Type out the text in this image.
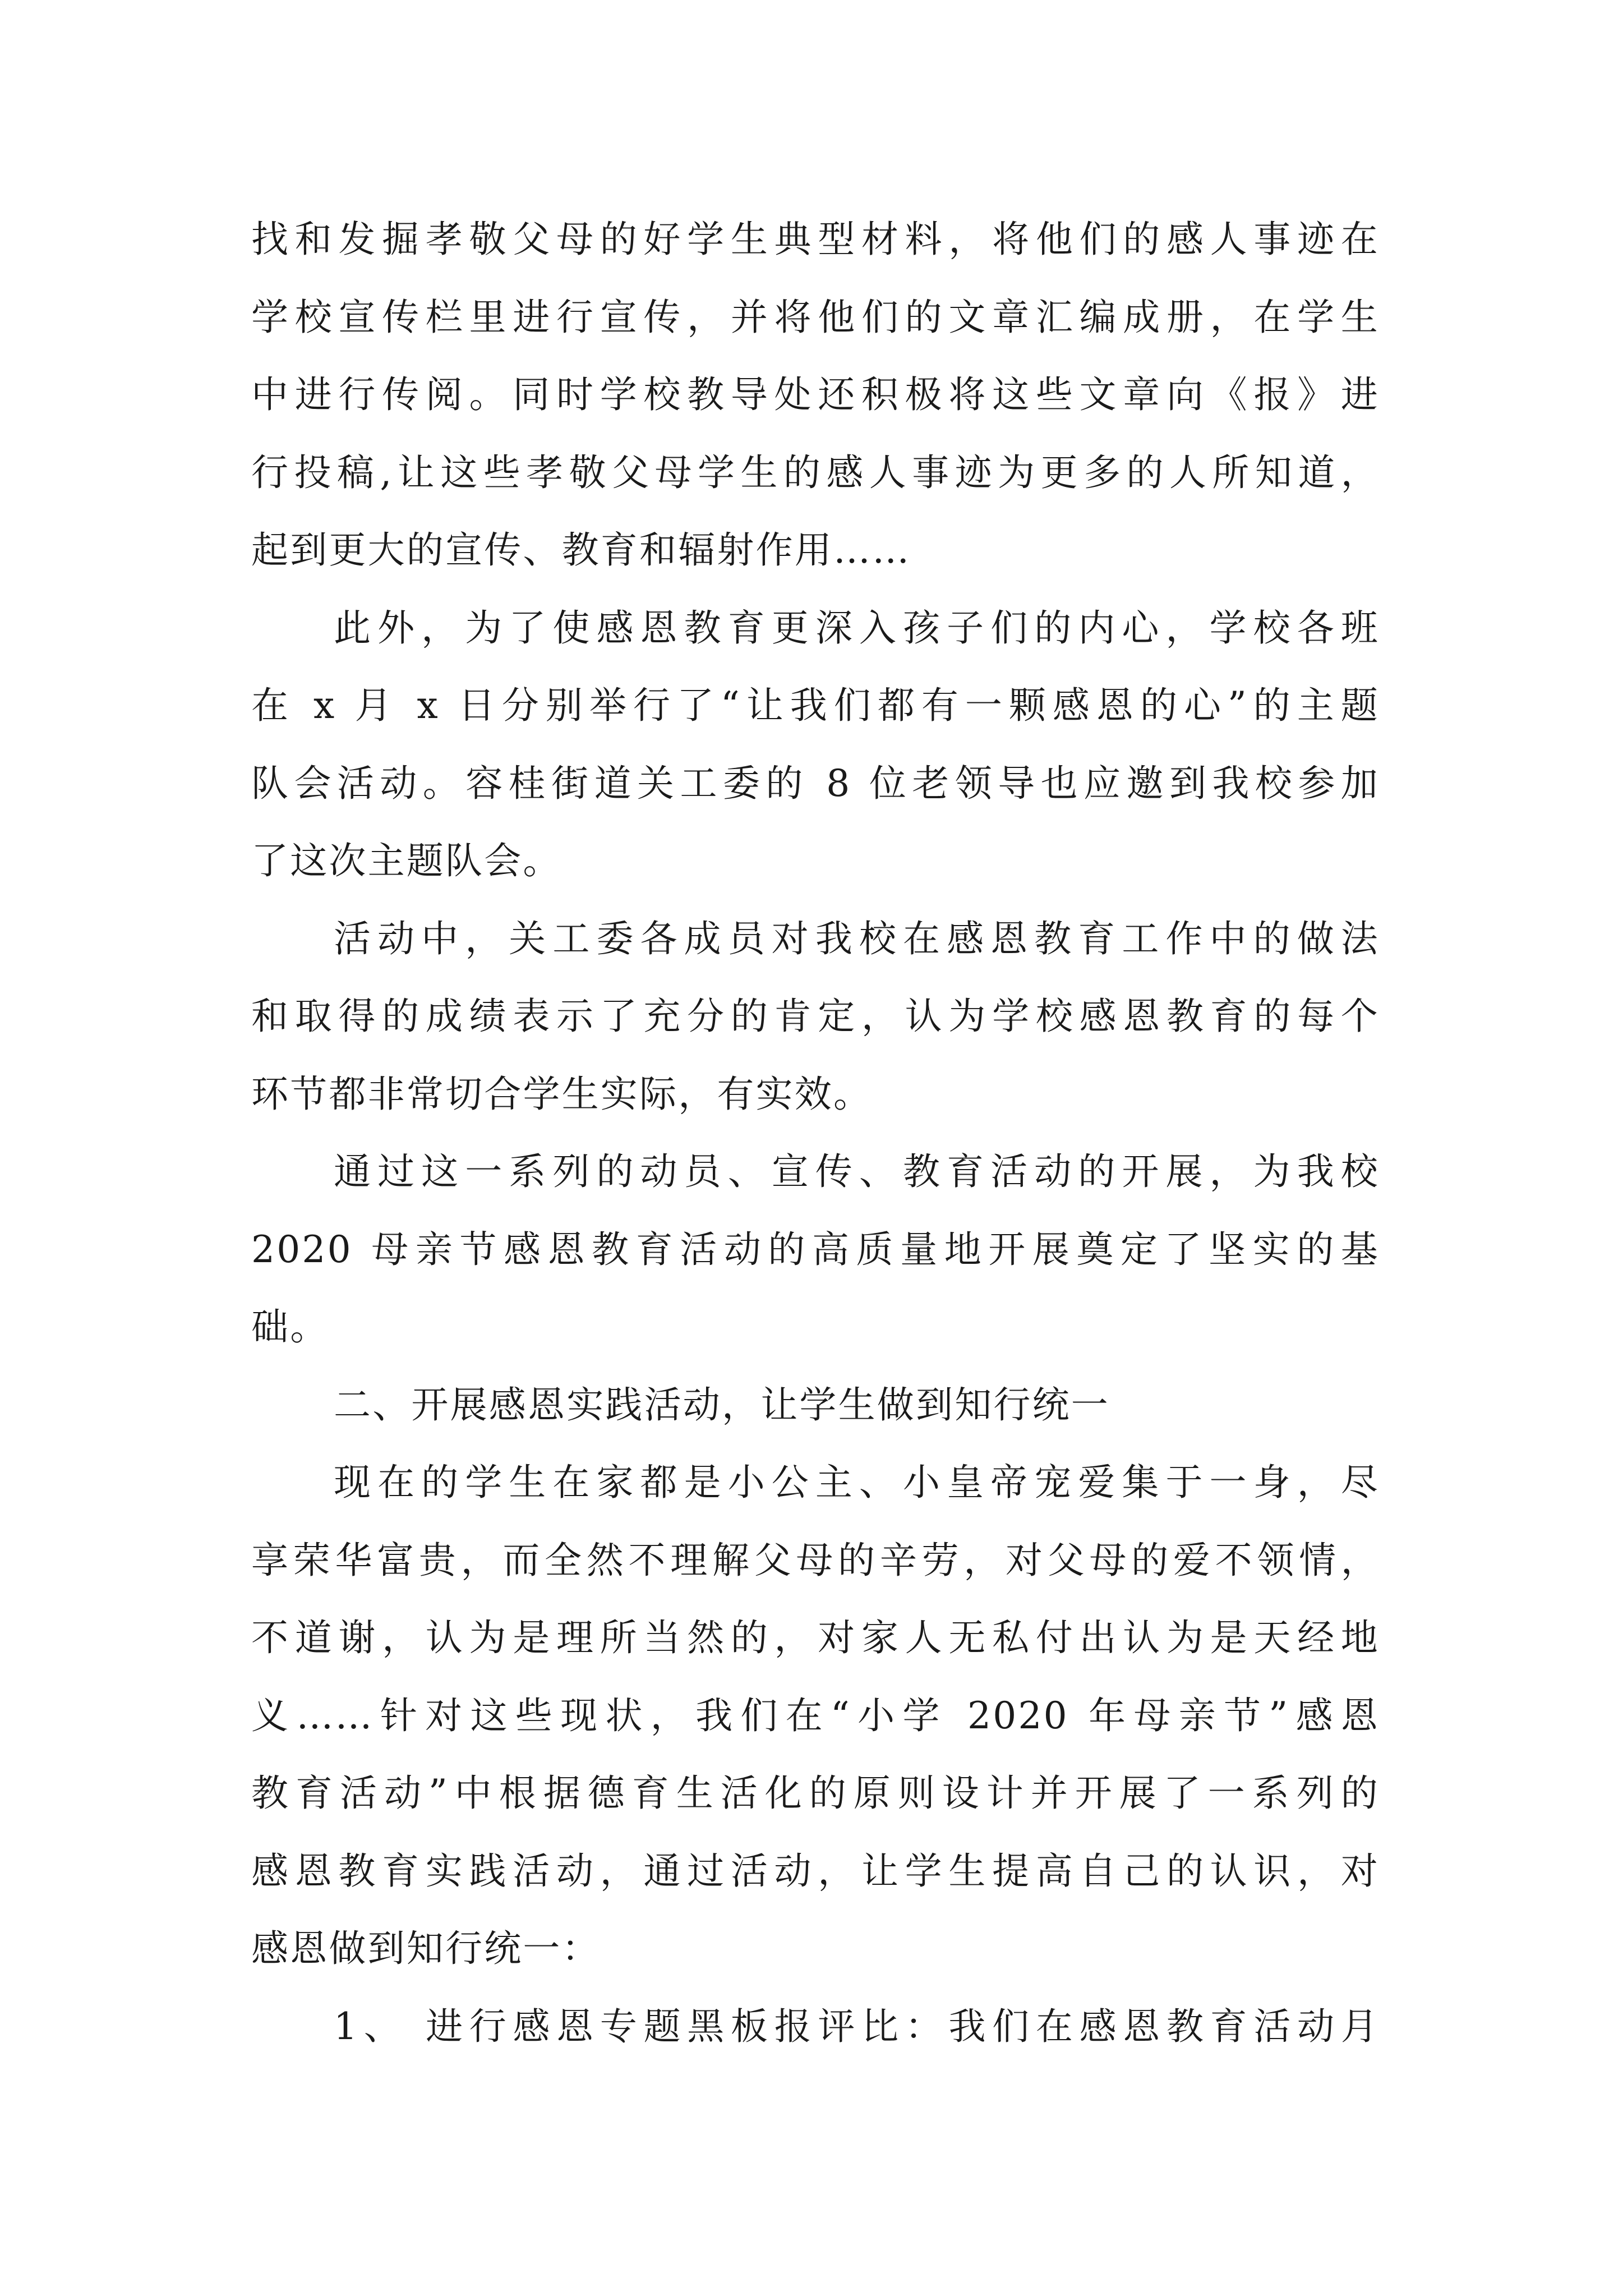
找和发掘孝敬父母的好学生典型材料，将他们的感人事迹在
学校宣传栏里进行宣传，并将他们的文章汇编成册，在学生
中进行传阅。同时学校教导处还积极将这些文章向《报》进
行投稿,让这些孝敬父母学生的感人事迹为更多的人所知道，
起到更大的宣传、教育和辐射作用……
此外，为了使感恩教育更深入孩子们的内心，学校各班
在 x 月 x 日分别举行了“让我们都有一颗感恩的心”的主题
队会活动。容桂街道关工委的 8 位老领导也应邀到我校参加
了这次主题队会。
活动中，关工委各成员对我校在感恩教育工作中的做法
和取得的成绩表示了充分的肯定，认为学校感恩教育的每个
环节都非常切合学生实际，有实效。
通过这一系列的动员、宣传、教育活动的开展，为我校
2020 母亲节感恩教育活动的高质量地开展奠定了坚实的基
础。
二、开展感恩实践活动，让学生做到知行统一
现在的学生在家都是小公主、小皇帝宠爱集于一身，尽
享荣华富贵，而全然不理解父母的辛劳，对父母的爱不领情，
不道谢，认为是理所当然的，对家人无私付出认为是天经地
义……针对这些现状，我们在“小学 2020 年母亲节”感恩
教育活动”中根据德育生活化的原则设计并开展了一系列的
感恩教育实践活动，通过活动，让学生提高自己的认识，对
感恩做到知行统一：
1、 进行感恩专题黑板报评比：我们在感恩教育活动月
